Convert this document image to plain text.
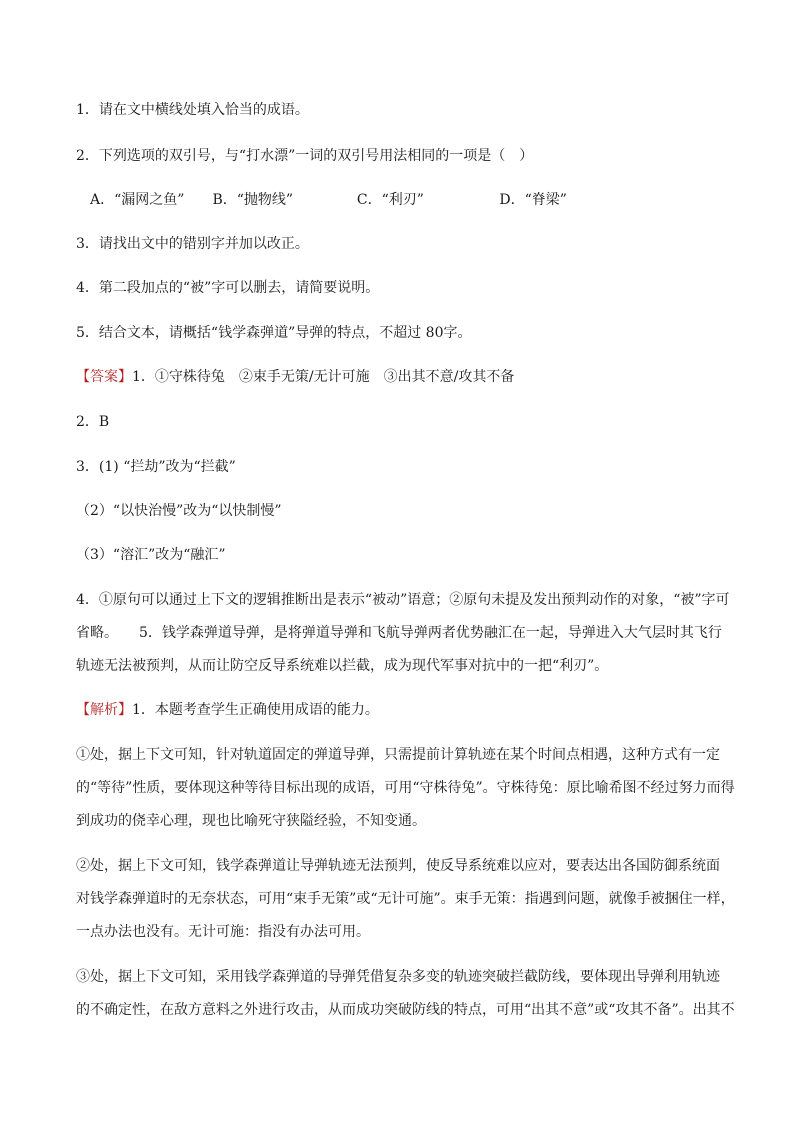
1．请在文中横线处填入恰当的成语。
2．下列选项的双引号，与“打水漂”一词的双引号用法相同的一项是（　）
A．“漏网之鱼” B．“抛物线”	C．“利刃”	D．“脊梁”
3．请找出文中的错别字并加以改正。
4．第二段加点的“被”字可以删去，请简要说明。
5．结合文本，请概括“钱学森弹道”导弹的特点，不超过 80字。
【答案】1．①守株待兔　②束手无策/无计可施　③出其不意/攻其不备
2．B
3．(1) “拦劫”改为“拦截”
（2）“以快治慢”改为“以快制慢”
（3）“溶汇”改为“融汇”
4．①原句可以通过上下文的逻辑推断出是表示“被动”语意；②原句未提及发出预判动作的对象，“被”字可
省略。　　5．钱学森弹道导弹，是将弹道导弹和飞航导弹两者优势融汇在一起，导弹进入大气层时其飞行
轨迹无法被预判，从而让防空反导系统难以拦截，成为现代军事对抗中的一把“利刃”。
【解析】1．本题考查学生正确使用成语的能力。
①处，据上下文可知，针对轨道固定的弹道导弹，只需提前计算轨迹在某个时间点相遇，这种方式有一定
的“等待”性质，要体现这种等待目标出现的成语，可用“守株待兔”。守株待兔：原比喻希图不经过努力而得
到成功的侥幸心理，现也比喻死守狭隘经验，不知变通。
②处，据上下文可知，钱学森弹道让导弹轨迹无法预判，使反导系统难以应对，要表达出各国防御系统面
对钱学森弹道时的无奈状态，可用“束手无策”或“无计可施”。束手无策：指遇到问题，就像手被捆住一样，
一点办法也没有。无计可施：指没有办法可用。
③处，据上下文可知，采用钱学森弹道的导弹凭借复杂多变的轨迹突破拦截防线，要体现出导弹利用轨迹
的不确定性，在敌方意料之外进行攻击，从而成功突破防线的特点，可用“出其不意”或“攻其不备”。出其不
